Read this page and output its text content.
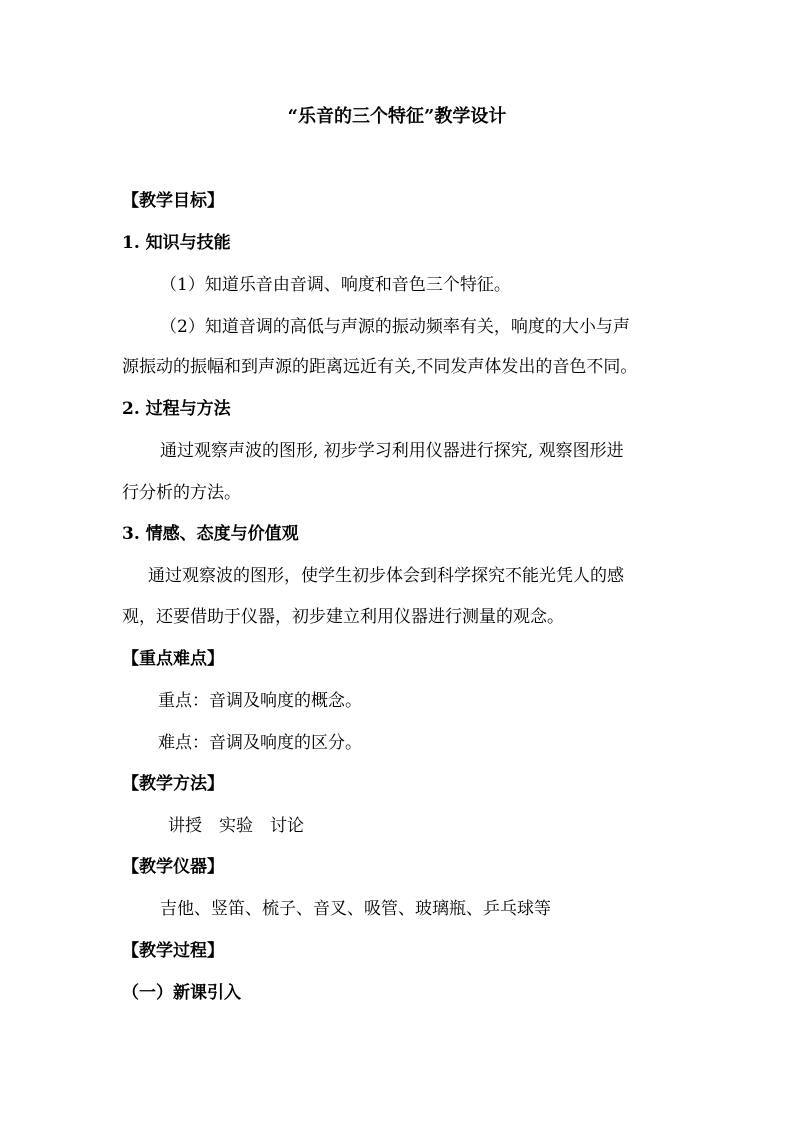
“乐音的三个特征”教学设计
【教学目标】
1. 知识与技能
（1）知道乐音由音调、响度和音色三个特征。
（2）知道音调的高低与声源的振动频率有关，响度的大小与声
源振动的振幅和到声源的距离远近有关,不同发声体发出的音色不同。
2. 过程与方法
通过观察声波的图形, 初步学习利用仪器进行探究, 观察图形进
行分析的方法。
3. 情感、态度与价值观
通过观察波的图形，使学生初步体会到科学探究不能光凭人的感
观，还要借助于仪器，初步建立利用仪器进行测量的观念。
【重点难点】
重点：音调及响度的概念。
难点：音调及响度的区分。
【教学方法】
讲授　实验　讨论
【教学仪器】
吉他、竖笛、梳子、音叉、吸管、玻璃瓶、乒乓球等
【教学过程】
（一）新课引入
